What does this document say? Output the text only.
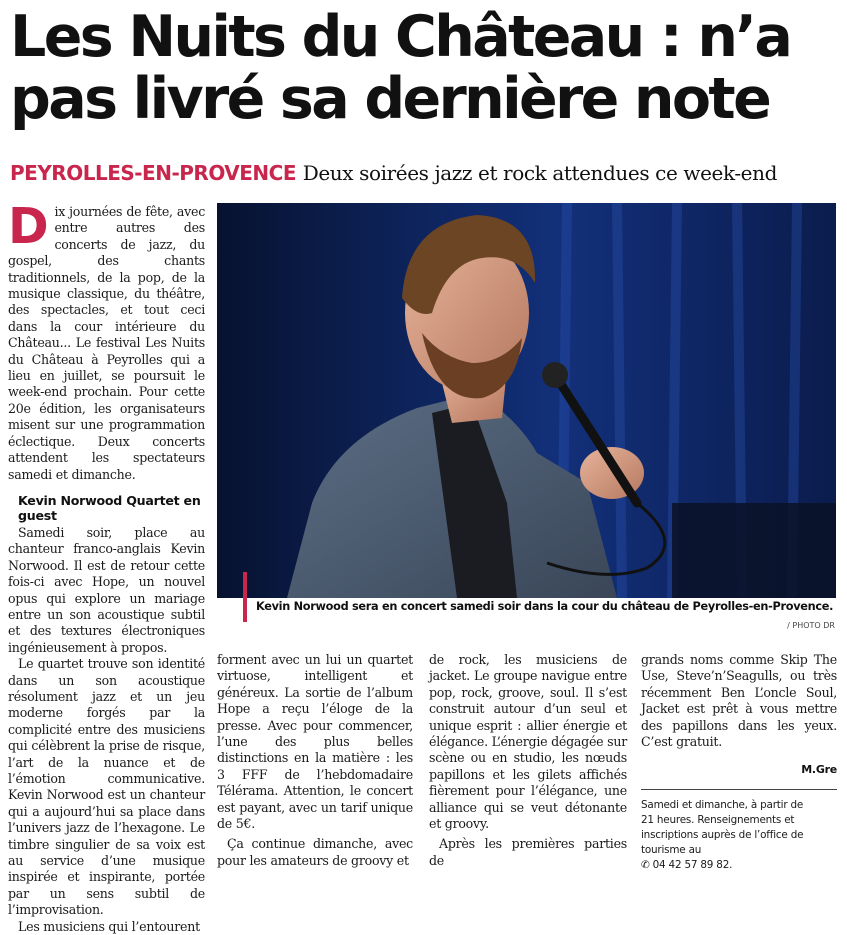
Les Nuits du Château : n’a
pas livré sa dernière note
PEYROLLES-EN-PROVENCE Deux soirées jazz et rock attendues ce week-end
D ix journées de fête, avec entre autres des concerts de jazz, du gospel, des chants traditionnels, de la pop, de la musique classique, du théâtre, des spectacles, et tout ceci dans la cour intérieure du Château... Le festival Les Nuits du Château à Peyrolles qui a lieu en juillet, se poursuit le week-end prochain. Pour cette 20e édition, les organisateurs misent sur une programmation éclectique. Deux concerts attendent les spectateurs samedi et dimanche.

Kevin Norwood Quartet en guest

Samedi soir, place au chanteur franco-anglais Kevin Norwood. Il est de retour cette fois-ci avec Hope, un nouvel opus qui explore un mariage entre un son acoustique subtil et des textures électroniques ingénieusement à propos.

Le quartet trouve son identité dans un son acoustique résolument jazz et un jeu moderne forgés par la complicité entre des musiciens qui célèbrent la prise de risque, l’art de la nuance et de l’émotion communicative. Kevin Norwood est un chanteur qui a aujourd’hui sa place dans l’univers jazz de l’hexagone. Le timbre singulier de sa voix est au service d’une musique inspirée et inspirante, portée par un sens subtil de l’improvisation.

Les musiciens qui l’entourent

Kevin Norwood sera en concert samedi soir dans la cour du château de Peyrolles-en-Provence.
/ PHOTO DR

forment avec un lui un quartet virtuose, intelligent et généreux. La sortie de l’album Hope a reçu l’éloge de la presse. Avec pour commencer, l’une des plus belles distinctions en la matière : les 3 FFF de l’hebdomadaire Télérama. Attention, le concert est payant, avec un tarif unique de 5€.

Ça continue dimanche, avec pour les amateurs de groovy et

de rock, les musiciens de jacket. Le groupe navigue entre pop, rock, groove, soul. Il s’est construit autour d’un seul et unique esprit : allier énergie et élégance. L’énergie dégagée sur scène ou en studio, les nœuds papillons et les gilets affichés fièrement pour l’élégance, une alliance qui se veut détonante et groovy.

Après les premières parties de

grands noms comme Skip The Use, Steve’n’Seagulls, ou très récemment Ben L’oncle Soul, Jacket est prêt à vous mettre des papillons dans les yeux. C’est gratuit.

M.Gre
Samedi et dimanche, à partir de
21 heures. Renseignements et inscriptions auprès de l’office de tourisme au
✆ 04 42 57 89 82.
